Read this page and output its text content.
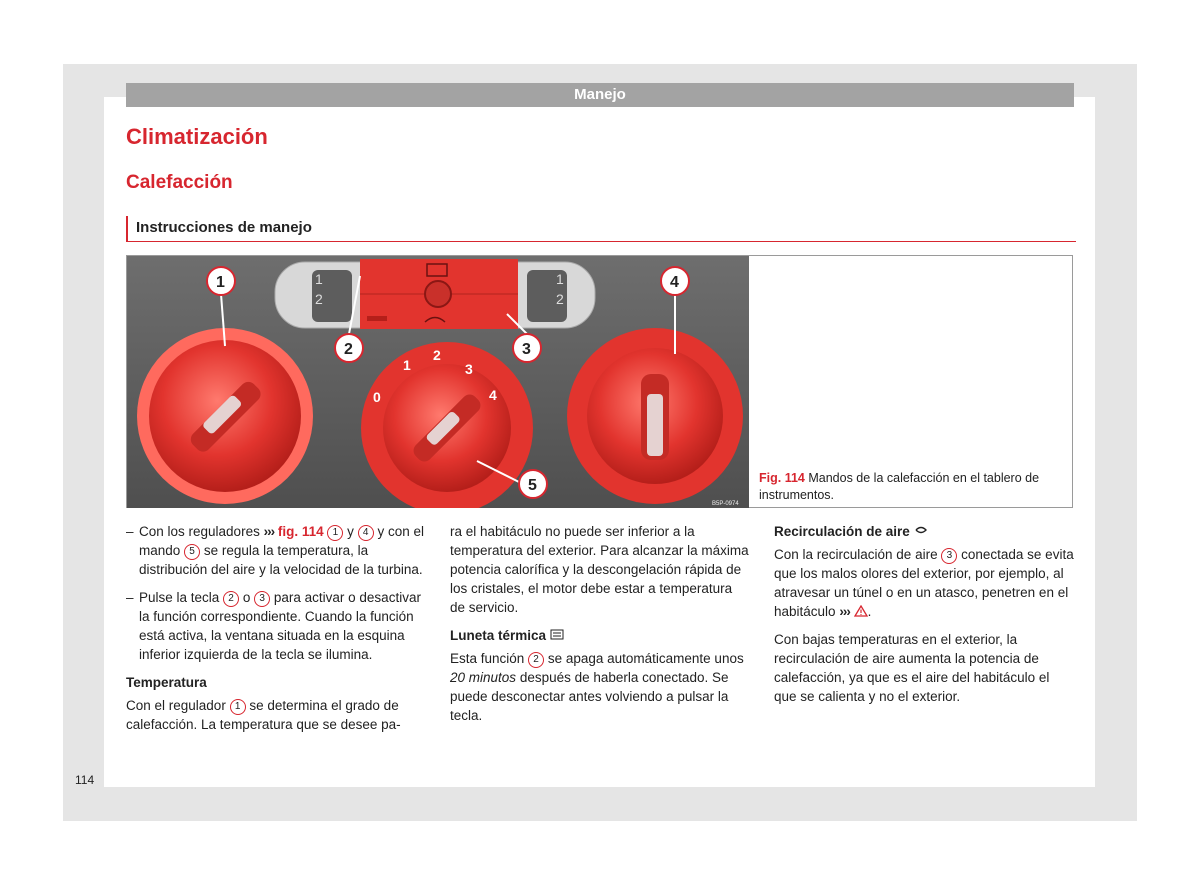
Manejo
Climatización
Calefacción
Instrucciones de manejo
1
2
1
2
0
1
2
3
4
1
2	3
4
5
B5P-0974
Fig. 114 Mandos de la calefacción en el tablero de instrumentos.

– Con los reguladores ››› fig. 114 1 y 4 y con el mando 5 se regula la temperatura, la distribución del aire y la velocidad de la turbina.

– Pulse la tecla 2 o 3 para activar o desactivar la función correspondiente. Cuando la función está activa, la ventana situada en la esquina inferior izquierda de la tecla se ilumina.

Temperatura

Con el regulador 1 se determina el grado de calefacción. La temperatura que se desee pa-

ra el habitáculo no puede ser inferior a la temperatura del exterior. Para alcanzar la máxima potencia calorífica y la descongelación rápida de los cristales, el motor debe estar a temperatura de servicio.

Luneta térmica

Esta función 2 se apaga automáticamente unos 20 minutos después de haberla conectado. Se puede desconectar antes volviendo a pulsar la tecla.

Recirculación de aire

Con la recirculación de aire 3 conectada se evita que los malos olores del exterior, por ejemplo, al atravesar un túnel o en un atasco, penetren en el habitáculo ››› .

Con bajas temperaturas en el exterior, la recirculación de aire aumenta la potencia de calefacción, ya que es el aire del habitáculo el que se calienta y no el exterior.

114
